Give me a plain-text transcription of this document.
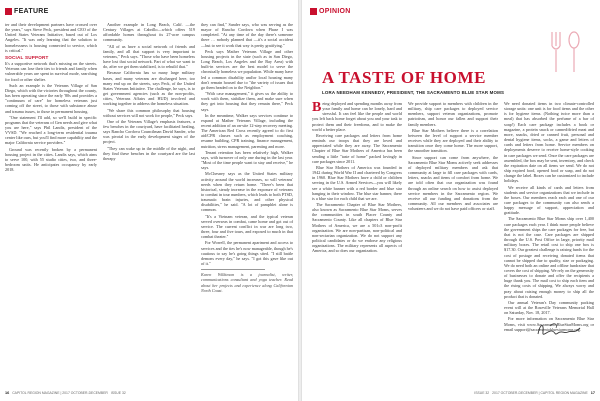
FEATURE

ter and their development partners have crossed over the years," says Steve Peck, president and CEO of the United States Veterans Initiative, based out of Los Angeles. "It was only learning that the solution to homelessness is housing connected to service, which is critical."

SOCIAL SUPPORT

It's a supportive network that's missing on the streets. Veterans can lose their ties to friends and family when vulnerable years are spent in survival mode, searching for food or other shelter.

Such an example is the Veterans Village of San Diego, which with the victories throughout the county, has been operating since the early '80s and provides a "continuum of care" for homeless veterans just coming off the street, to those with substance abuse and trauma issues, to those in permanent housing.

"One statement I'll add, so we'll build in specific programs that the veterans of Gen needs and give what you are here," says Phil Landis, president of the VVSD. "We reached a long-term residential trauma center like ours, but you'll find more capability and the major California service providers."

Ground was recently broken by a permanent housing project in the cities. Landis says, which aims to serve 100, with 55 studio cities, two, and three-bedroom units. He anticipates occupancy by early 2018.

Another example in Long Beach, Calif. —the Century Villages at Cabrillo—which offers 519 affordable homes throughout its 27-acre campus community.

"All of us have a social network of friends and family, and all that support is very important to veterans," Peck says. "Those who have been homeless have lost that social network. Part of what we want to do, after we get them stabilized, is to rebuild that."

Because California has so many large military bases, and many veterans are discharged here, too many end up on the streets, says Peck, of the United States Veterans Initiative. The challenge, he says, is to get government agencies (such as the non-profits, cities, Veterans Affairs and HUD) involved and working together to address the homeless situation.

"We share this common philosophy that housing without services will not work for people," Peck says.

One of the Veterans Village's emphasis features, a few benches in the courtyard, have facilitated healing, says Rancho Cordova Councilman David Sander, who was pivotal in the early development stages of the project.

"They can wake up in the middle of the night, and they find these benches in the courtyard are the last therapy

they can find," Sander says, who was serving as the mayor of Rancho Cordova when Phase I was completed. "At any time of the day there's someone there … nobody planned that —it's a social accident —but to see it work that way is pretty gratifying."

Peck says Mather Veterans Village and other housing projects in the state (such as in San Diego, Long Beach, Los Angeles and the Bay Area) with built-in services are the best model to serve the chronically homeless we population. While many have led a common disability and/or local housing many don't remain housed due to "the variety of issues that go them headed on to the Neighbor."

"With case management," it gives us the ability to work with them, stabilize them, and make sure when they get into housing that they remain there," Peck says.

In the meantime, Walker says services continue to expand at Mather Veterans Village, including the recent addition of an on-site 12-step recovery meeting. The American Red Cross recently agreed to do first aid/CPR classes such as employment coaching, resume building, CPR training, finance management, nutrition, stress management, parenting and more.

Tenant retention has been relatively high, Walker says, with turnover of only one during in the last year. "Most of the time people want to stay and receive," he says.

McChesney says as the United States military activity around the world increases, so will veterans' needs when they return home. "There's been that historical, steady increase in the exposure of veterans to combat in tour numbers, which leads to both PTSD, traumatic brain injuries, and other physical disabilities," he said. "A lot of pamphlet alone is common.

"It's a Vietnam veteran, and the typical veteran served overseas in combat, came home and got out of service. The current conflict in war are long two, three, four and five tours, and exposed to much in that combat theater."

For Worrell, the permanent apartment and access to services and the ties he's now manageable, though he's cautious to say he's going things sited. "I still battle demons every day," he says. "I got this gave like out of it."

Karen Wilkinson is a journalist, writer, communications consultant and yoga teacher. Read about her projects and experience along Californian North Coast.

16 CAPITOL REGION MAGAZINE | 2017 OCTOBER-DECEMBER ISSUE 32
OPINION
A TASTE OF HOME
LORA NEEDHAM KENNEDY, PRESIDENT, THE SACRAMENTO BLUE STAR MOMS

Being deployed and spending months away from your family and home can be lonely, hard and stressful. It can feel like the people and world you left back home forget about you and your task to protect them and their freedoms, and to make the world a better place.

Receiving care packages and letters from home reminds our troops that they are loved and appreciated while they are away. The Sacramento Chapter of Blue Star Mothers of America has been sending a little "taste of home" packed lovingly in care packages since 2011.

Blue Star Mothers of America was founded in 1942 during World War II and chartered by Congress in 1960. Blue Star Mothers have a child or children serving in the U.S. Armed Services—you will likely see a white banner with a red border and blue star hanging in their window. The blue star banner, there is a blue star for each child that we are.

The Sacramento Chapter of Blue Star Mothers, also known as Sacramento Blue Star Moms, serves the communities in south Placer County and Sacramento County. Like all chapters of Blue Star Mothers of America, we are a 501c3 non-profit organization. We are non-partisan, non-political and non-sectarian organization. We do not support any political candidates or do we endorse any religious organizations. The military represents all aspects of America, and so does our organization.

We provide support to members with children in the military, ship care packages to deployed service members, support veteran organizations, promote patriotism, and honor our fallen and support their family members.

Blue Star Mothers believe there is a correlation between the level of support a service member receives while they are deployed and their ability to transition once they come home. The more support, the smoother transition.

Since support can come from anywhere, the Sacramento Blue Star Moms actively seek addresses of deployed military members and ask that community at large to fill care packages with cards, letters, snacks and items of comfort from home. We are told often that our organization was found through an online search on how to assist deployed service members in the Sacramento region. We receive all our funding and donations from the community. All our members and associates are volunteers and we do not have paid officers or staff.

We need donated items in two climate-controlled storage units: one unit is for food items and the other is for hygiene items. (Nothing twice more than a meal) that has absorbed the perfume of a bar of soap!) Each care package includes a book or magazine, a protein snack or canned/dried meat and more, snacks, dried or canned fruit, personal and dental hygiene items, socks, a game and letters of cards and letters from home. Service members on deployments deserve to receive home-style cooking in care packages we send. Once the care packages are assembled, the box may be sent, inventory, and check the expiration date on all items we send. We do not ship expired food, opened food or soap, and do not change the label. Boxes can be customized to include holidays.

We receive all kinds of cards and letters from students and service organizations that we include in the boxes. Our members reach each and one of our care packages to the community can also sends a happy message of support, appreciation and gratitude.

The Sacramento Blue Star Moms ship over 1,400 care packages each year. I think more people believe the government ships the care packages for free, but that is not the case. Care packages are shipped through the U.S. Post Office in large, priority mail military boxes. The retail cost to ship one box is $17.30. Our greatest challenge is raising funds for the cost of postage and receiving donated items that cannot be shipped due to quality, size or packaging. We do need both an online and offline fundraiser that covers the cost of shipping. We rely on the generosity of businesses to donate and offer the recipients a huge thank you. The mail cost to ship each item and the rising costs of shipping. We always worry and pray about raising enough money to ship all the product that is donated.

Our annual Veteran's Day community packing event will at the Roseville Veterans Memorial Hall on Saturday, Nov. 18, 2017.

For more information on Sacramento Blue Star Moms, visit www.SacramentoBlueStarMoms.org or email support@sacramentobluestarmoms.org.

ISSUE 32 2017 OCTOBER-DECEMBER | CAPITOL REGION MAGAZINE 17
